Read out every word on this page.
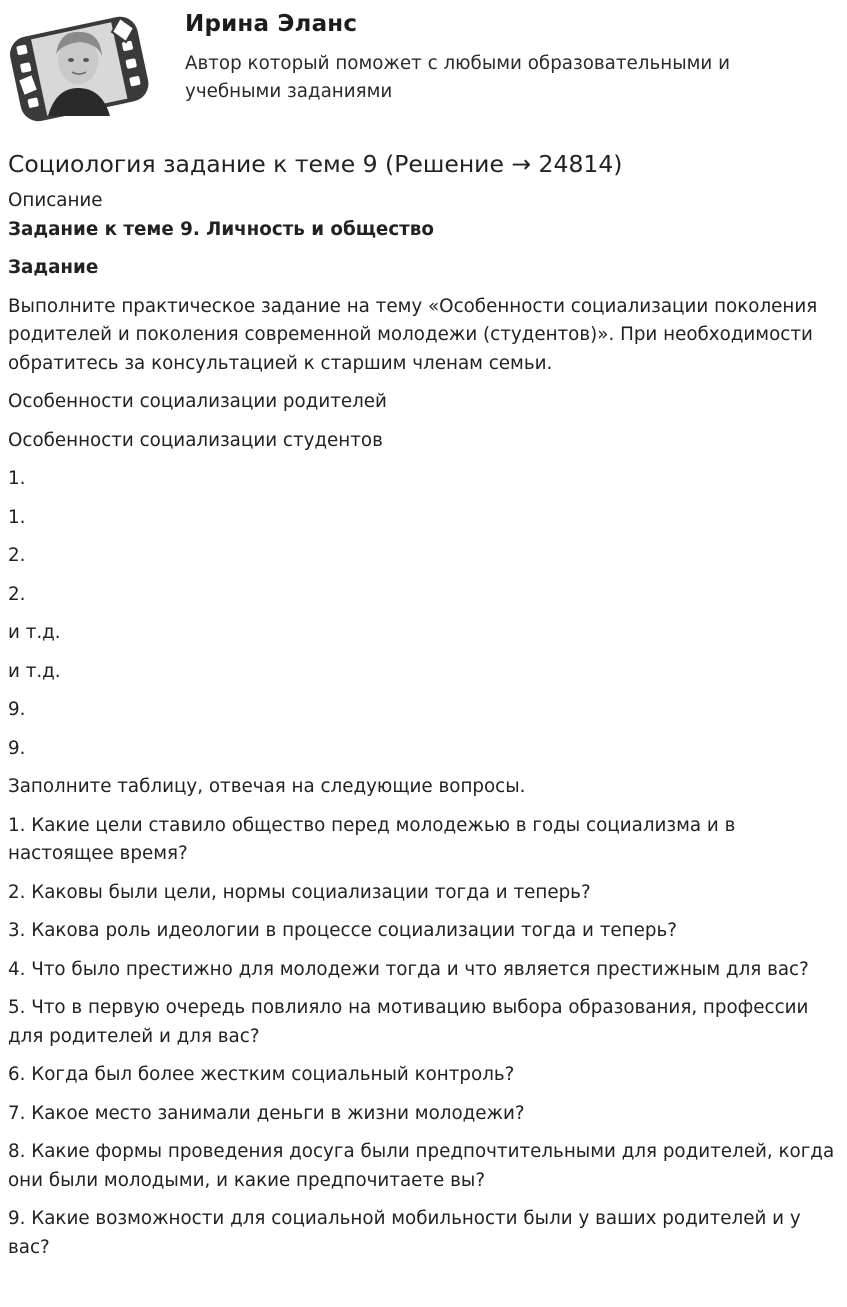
Ирина Эланс
Автор который поможет с любыми образовательными и учебными заданиями
Социология задание к теме 9 (Решение → 24814)
Описание
Задание к теме 9. Личность и общество
Задание
Выполните практическое задание на тему «Особенности социализации поколения родителей и поколения современной молодежи (студентов)». При необходимости обратитесь за консультацией к старшим членам семьи.
Особенности социализации родителей
Особенности социализации студентов
1.
1.
2.
2.
и т.д.
и т.д.
9.
9.
Заполните таблицу, отвечая на следующие вопросы.
1. Какие цели ставило общество перед молодежью в годы социализма и в настоящее время?
2. Каковы были цели, нормы социализации тогда и теперь?
3. Какова роль идеологии в процессе социализации тогда и теперь?
4. Что было престижно для молодежи тогда и что является престижным для вас?
5. Что в первую очередь повлияло на мотивацию выбора образования, профессии для родителей и для вас?
6. Когда был более жестким социальный контроль?
7. Какое место занимали деньги в жизни молодежи?
8. Какие формы проведения досуга были предпочтительными для родителей, когда они были молодыми, и какие предпочитаете вы?
9. Какие возможности для социальной мобильности были у ваших родителей и у вас?
